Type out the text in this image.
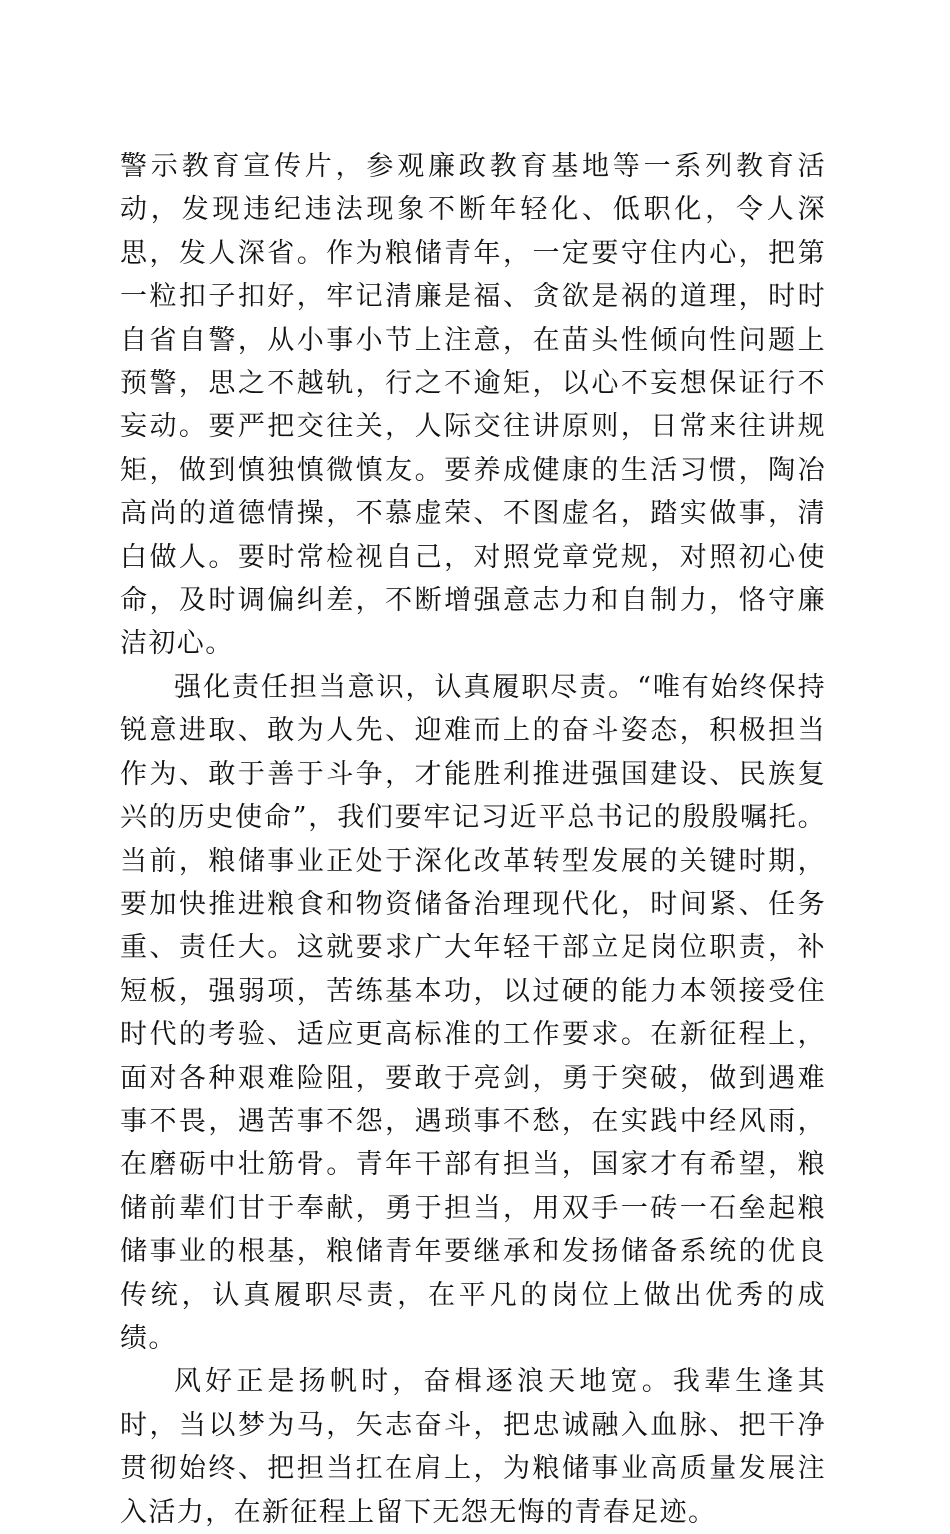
警示教育宣传片，参观廉政教育基地等一系列教育活动，发现违纪违法现象不断年轻化、低职化，令人深思，发人深省。作为粮储青年，一定要守住内心，把第一粒扣子扣好，牢记清廉是福、贪欲是祸的道理，时时自省自警，从小事小节上注意，在苗头性倾向性问题上预警，思之不越轨，行之不逾矩，以心不妄想保证行不妄动。要严把交往关，人际交往讲原则，日常来往讲规矩，做到慎独慎微慎友。要养成健康的生活习惯，陶冶高尚的道德情操，不慕虚荣、不图虚名，踏实做事，清白做人。要时常检视自己，对照党章党规，对照初心使命，及时调偏纠差，不断增强意志力和自制力，恪守廉洁初心。

强化责任担当意识，认真履职尽责。“唯有始终保持锐意进取、敢为人先、迎难而上的奋斗姿态，积极担当作为、敢于善于斗争，才能胜利推进强国建设、民族复兴的历史使命”，我们要牢记习近平总书记的殷殷嘱托。当前，粮储事业正处于深化改革转型发展的关键时期，要加快推进粮食和物资储备治理现代化，时间紧、任务重、责任大。这就要求广大年轻干部立足岗位职责，补短板，强弱项，苦练基本功，以过硬的能力本领接受住时代的考验、适应更高标准的工作要求。在新征程上，面对各种艰难险阻，要敢于亮剑，勇于突破，做到遇难事不畏，遇苦事不怨，遇琐事不愁，在实践中经风雨，在磨砺中壮筋骨。青年干部有担当，国家才有希望，粮储前辈们甘于奉献，勇于担当，用双手一砖一石垒起粮储事业的根基，粮储青年要继承和发扬储备系统的优良传统，认真履职尽责，在平凡的岗位上做出优秀的成绩。

风好正是扬帆时，奋楫逐浪天地宽。我辈生逢其时，当以梦为马，矢志奋斗，把忠诚融入血脉、把干净贯彻始终、把担当扛在肩上，为粮储事业高质量发展注入活力，在新征程上留下无怨无悔的青春足迹。
